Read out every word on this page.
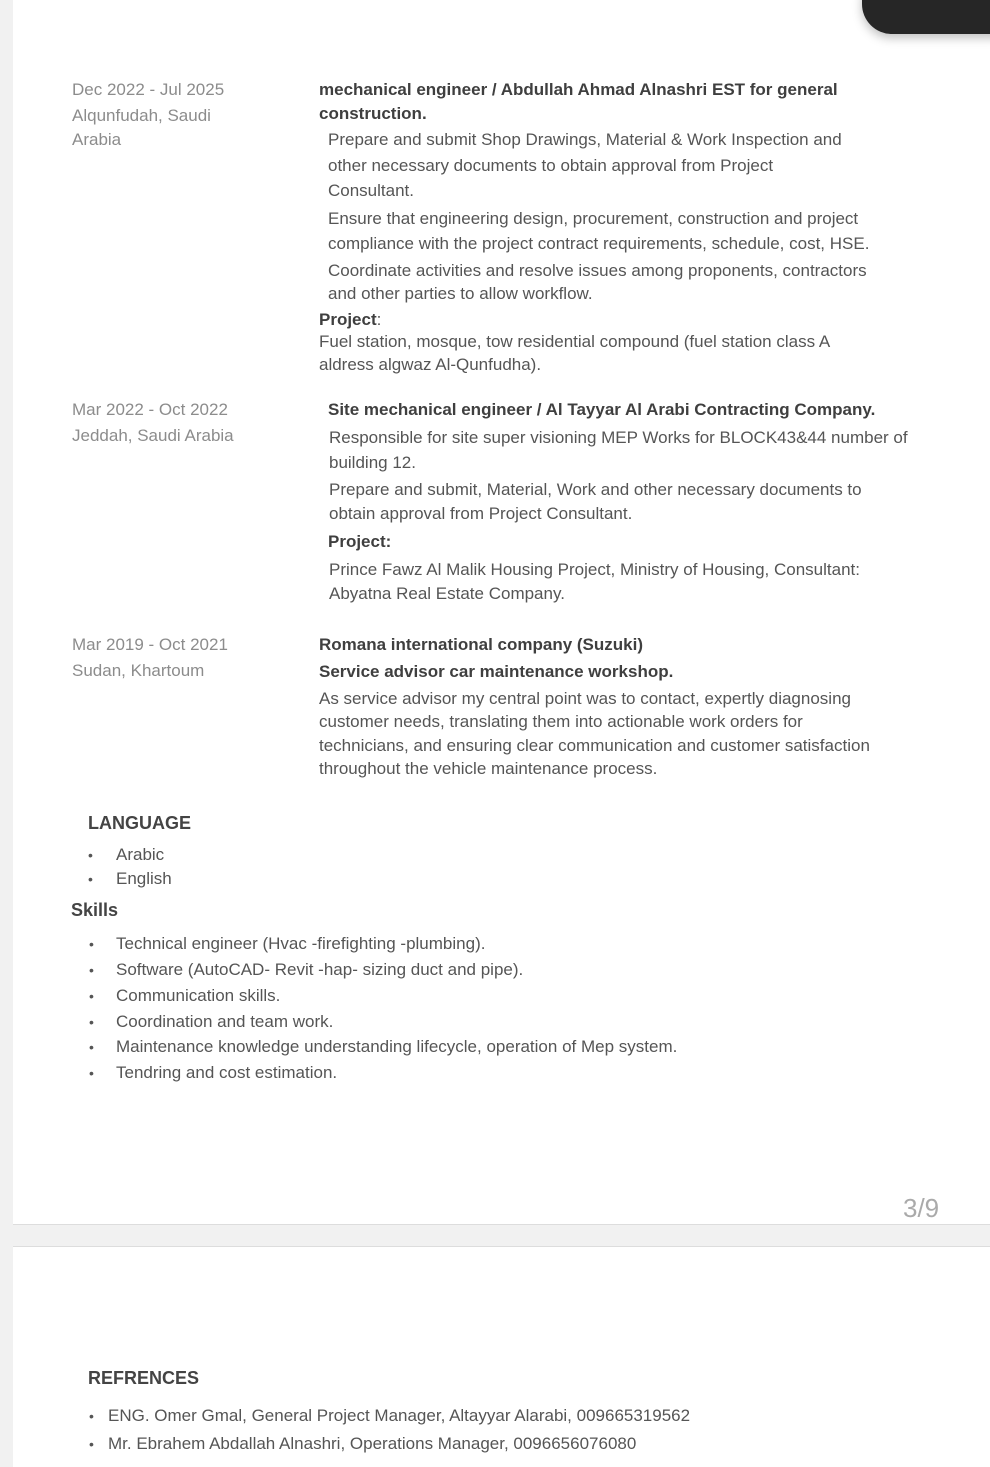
Dec 2022 - Jul 2025
Alqunfudah, Saudi
Arabia
mechanical engineer / Abdullah Ahmad Alnashri EST for general
construction.
Prepare and submit Shop Drawings, Material & Work Inspection and
other necessary documents to obtain approval from Project
Consultant.
Ensure that engineering design, procurement, construction and project
compliance with the project contract requirements, schedule, cost, HSE.
Coordinate activities and resolve issues among proponents, contractors
and other parties to allow workflow.
Project:
Fuel station, mosque, tow residential compound (fuel station class A
aldress algwaz Al-Qunfudha).
Mar 2022 - Oct 2022
Jeddah, Saudi Arabia
Site mechanical engineer / Al Tayyar Al Arabi Contracting Company.
Responsible for site super visioning MEP Works for BLOCK43&44 number of
building 12.
Prepare and submit, Material, Work and other necessary documents to
obtain approval from Project Consultant.
Project:
Prince Fawz Al Malik Housing Project, Ministry of Housing, Consultant:
Abyatna Real Estate Company.
Mar 2019 - Oct 2021
Sudan, Khartoum
Romana international company (Suzuki)
Service advisor car maintenance workshop.
As service advisor my central point was to contact, expertly diagnosing
customer needs, translating them into actionable work orders for
technicians, and ensuring clear communication and customer satisfaction
throughout the vehicle maintenance process.
LANGUAGE
• Arabic
• English
Skills
• Technical engineer (Hvac -firefighting -plumbing).
• Software (AutoCAD- Revit -hap- sizing duct and pipe).
• Communication skills.
• Coordination and team work.
• Maintenance knowledge understanding lifecycle, operation of Mep system.
• Tendring and cost estimation.
3/9
REFRENCES
• ENG. Omer Gmal, General Project Manager, Altayyar Alarabi, 009665319562
• Mr. Ebrahem Abdallah Alnashri, Operations Manager, 0096656076080
